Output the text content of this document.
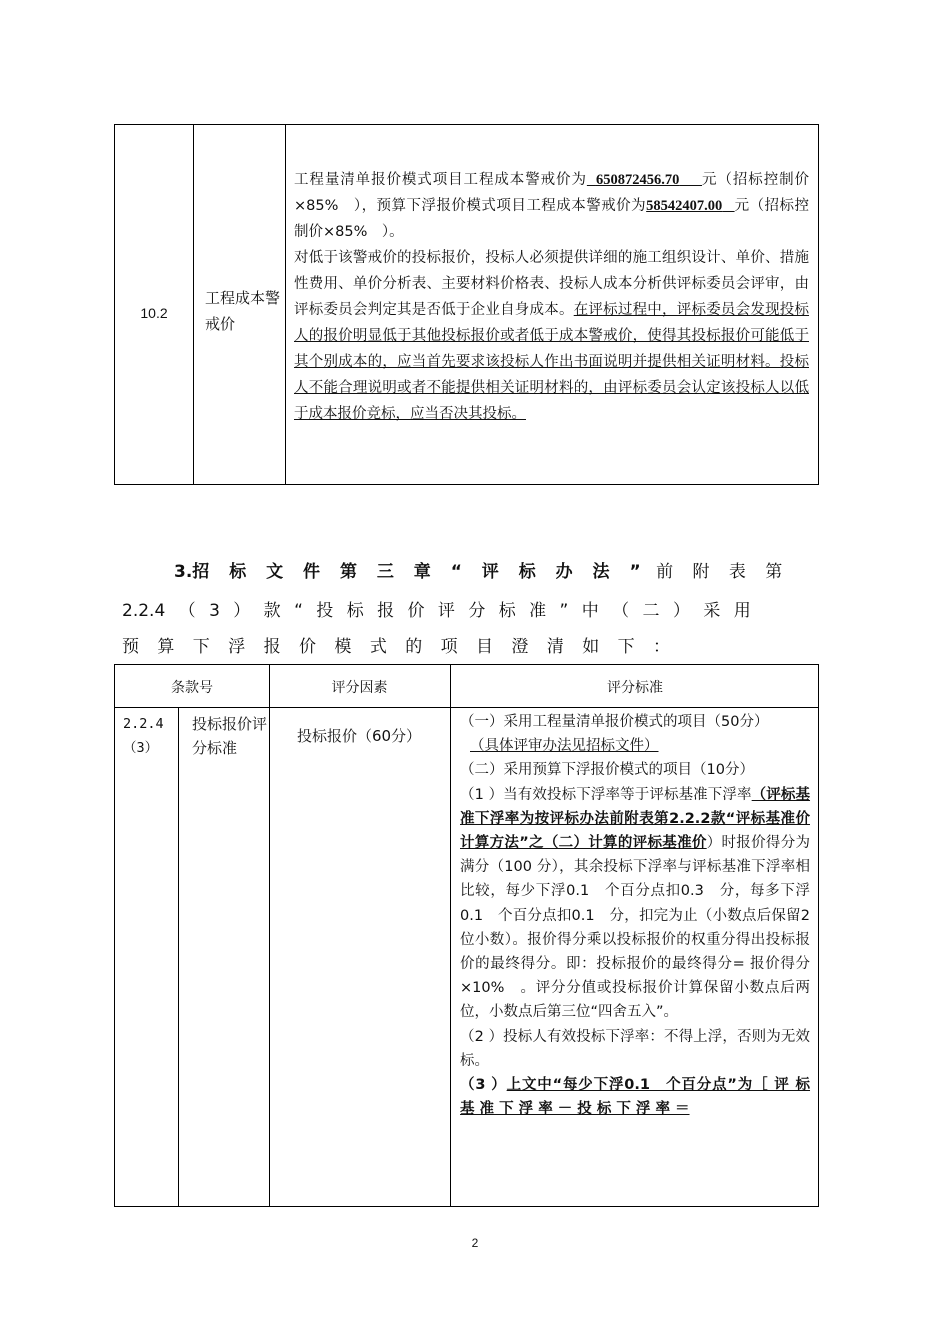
10.2
工程成本警戒价

工程量清单报价模式项目工程成本警戒价为 650872456.70 元（招标控制价×85%　），预算下浮报价模式项目工程成本警戒价为58542407.00 元（招标控制价×85%　）。

对低于该警戒价的投标报价，投标人必须提供详细的施工组织设计、单价、措施性费用、单价分析表、主要材料价格表、投标人成本分析供评标委员会评审，由评标委员会判定其是否低于企业自身成本。在评标过程中，评标委员会发现投标人的报价明显低于其他投标报价或者低于成本警戒价，使得其投标报价可能低于其个别成本的，应当首先要求该投标人作出书面说明并提供相关证明材料。投标人不能合理说明或者不能提供相关证明材料的，由评标委员会认定该投标人以低于成本报价竞标，应当否决其投标。

3.招 标 文 件 第 三 章 “ 评 标 办 法 ” 前 附 表 第
2.2.4 （ 3 ） 款 “ 投 标 报 价 评 分 标 准 ” 中 （ 二 ） 采 用
预 算 下 浮 报 价 模 式 的 项 目 澄 清 如 下 ：
条款号	评分因素	评分标准
2.2.4（3）
投标报价评分标准
投标报价（60分）

（一）采用工程量清单报价模式的项目（50分）

（具体评审办法见招标文件）

（二）采用预算下浮报价模式的项目（10分）

（1 ）当有效投标下浮率等于评标基准下浮率（评标基准下浮率为按评标办法前附表第2.2.2款“评标基准价计算方法”之（二）计算的评标基准价）时报价得分为满分（100 分），其余投标下浮率与评标基准下浮率相比较，每少下浮0.1　个百分点扣0.3　分，每多下浮0.1　个百分点扣0.1　分，扣完为止（小数点后保留2位小数）。报价得分乘以投标报价的权重分得出投标报价的最终得分。即：投标报价的最终得分= 报价得分×10%　。评分分值或投标报价计算保留小数点后两位，小数点后第三位“四舍五入”。

（2 ）投标人有效投标下浮率：不得上浮，否则为无效标。

（3 ）上文中“每少下浮0.1　个百分点”为［ 评 标 基 准 下 浮 率 － 投 标 下 浮 率 ＝

2
